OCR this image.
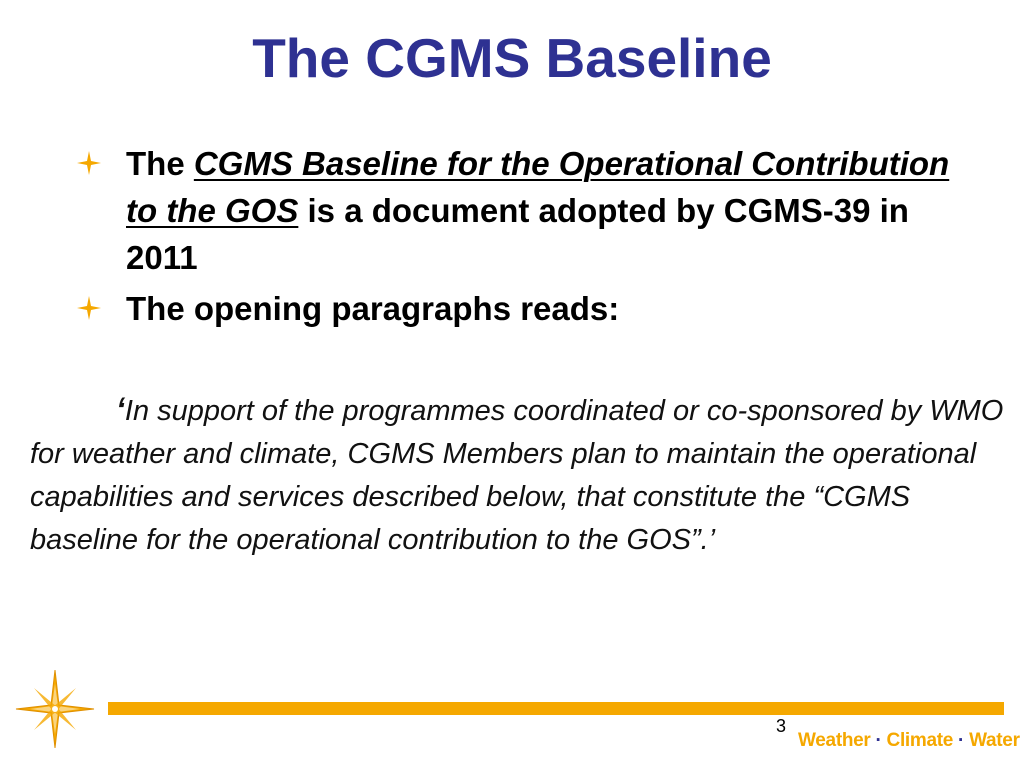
The CGMS Baseline
The CGMS Baseline for the Operational Contribution to the GOS is a document adopted by CGMS-39 in 2011
The opening paragraphs reads:
‘In support of the programmes coordinated or co-sponsored by WMO for weather and climate, CGMS Members plan to maintain the operational capabilities and services described below, that constitute the “CGMS baseline for the operational contribution to the GOS”.’
3
Weather · Climate · Water
